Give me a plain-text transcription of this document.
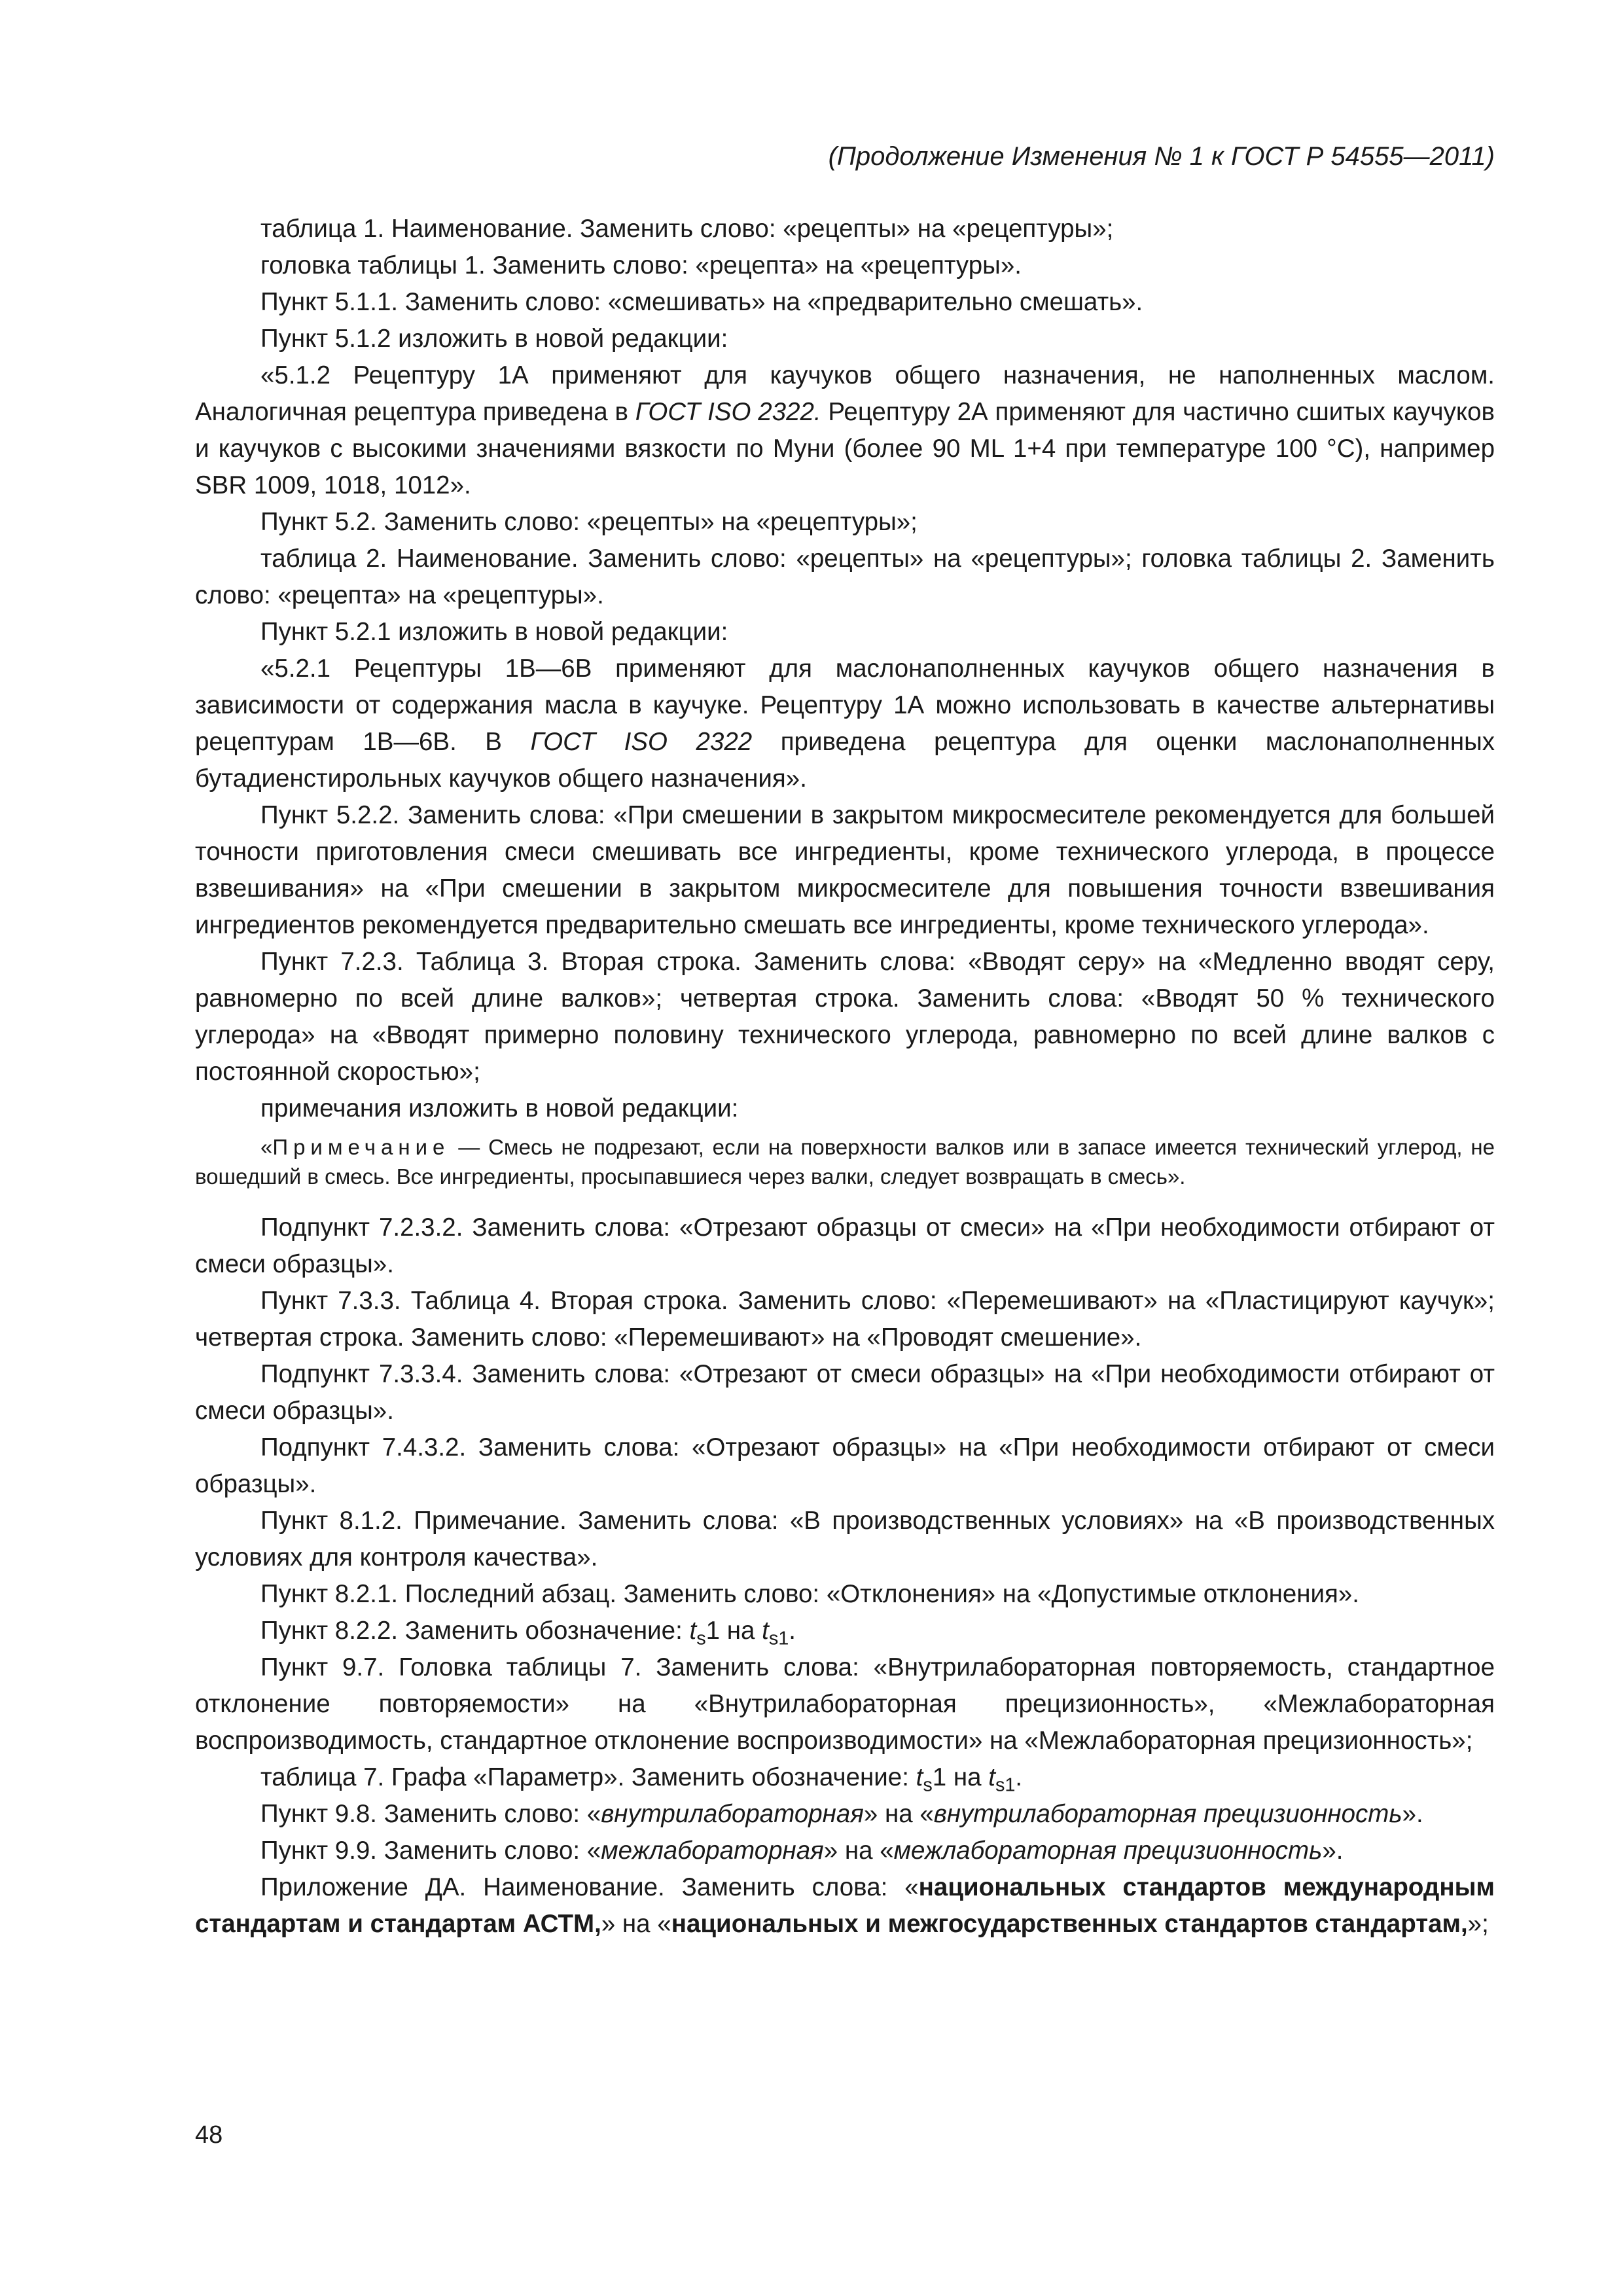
(Продолжение Изменения № 1 к ГОСТ Р 54555—2011)

таблица 1. Наименование. Заменить слово: «рецепты» на «рецептуры»;

головка таблицы 1. Заменить слово: «рецепта» на «рецептуры».

Пункт 5.1.1. Заменить слово: «смешивать» на «предварительно смешать».

Пункт 5.1.2 изложить в новой редакции:

«5.1.2 Рецептуру 1А применяют для каучуков общего назначения, не наполненных маслом. Аналогичная рецептура приведена в ГОСТ ISO 2322. Рецептуру 2А применяют для частично сшитых каучуков и каучуков с высокими значениями вязкости по Муни (более 90 ML 1+4 при температуре 100 °С), например SBR 1009, 1018, 1012».

Пункт 5.2. Заменить слово: «рецепты» на «рецептуры»;

таблица 2. Наименование. Заменить слово: «рецепты» на «рецептуры»; головка таблицы 2. Заменить слово: «рецепта» на «рецептуры».

Пункт 5.2.1 изложить в новой редакции:

«5.2.1 Рецептуры 1В—6В применяют для маслонаполненных каучуков общего назначения в зависимости от содержания масла в каучуке. Рецептуру 1А можно использовать в качестве альтернативы рецептурам 1В—6В. В ГОСТ ISO 2322 приведена рецептура для оценки маслонаполненных бутадиенстирольных каучуков общего назначения».

Пункт 5.2.2. Заменить слова: «При смешении в закрытом микросмесителе рекомендуется для большей точности приготовления смеси смешивать все ингредиенты, кроме технического углерода, в процессе взвешивания» на «При смешении в закрытом микросмесителе для повышения точности взвешивания ингредиентов рекомендуется предварительно смешать все ингредиенты, кроме технического углерода».

Пункт 7.2.3. Таблица 3. Вторая строка. Заменить слова: «Вводят серу» на «Медленно вводят серу, равномерно по всей длине валков»; четвертая строка. Заменить слова: «Вводят 50 % технического углерода» на «Вводят примерно половину технического углерода, равномерно по всей длине валков с постоянной скоростью»;

примечания изложить в новой редакции:

«Примечание — Смесь не подрезают, если на поверхности валков или в запасе имеется технический углерод, не вошедший в смесь. Все ингредиенты, просыпавшиеся через валки, следует возвращать в смесь».

Подпункт 7.2.3.2. Заменить слова: «Отрезают образцы от смеси» на «При необходимости отбирают от смеси образцы».

Пункт 7.3.3. Таблица 4. Вторая строка. Заменить слово: «Перемешивают» на «Пластицируют каучук»; четвертая строка. Заменить слово: «Перемешивают» на «Проводят смешение».

Подпункт 7.3.3.4. Заменить слова: «Отрезают от смеси образцы» на «При необходимости отбирают от смеси образцы».

Подпункт 7.4.3.2. Заменить слова: «Отрезают образцы» на «При необходимости отбирают от смеси образцы».

Пункт 8.1.2. Примечание. Заменить слова: «В производственных условиях» на «В производственных условиях для контроля качества».

Пункт 8.2.1. Последний абзац. Заменить слово: «Отклонения» на «Допустимые отклонения».

Пункт 8.2.2. Заменить обозначение: $t_s1$ на $t_{s1}$.

Пункт 9.7. Головка таблицы 7. Заменить слова: «Внутрилабораторная повторяемость, стандартное отклонение повторяемости» на «Внутрилабораторная прецизионность», «Межлабораторная воспроизводимость, стандартное отклонение воспроизводимости» на «Межлабораторная прецизионность»;

таблица 7. Графа «Параметр». Заменить обозначение: $t_s1$ на $t_{s1}$.

Пункт 9.8. Заменить слово: «внутрилабораторная» на «внутрилабораторная прецизионность».

Пункт 9.9. Заменить слово: «межлабораторная» на «межлабораторная прецизионность».

Приложение ДА. Наименование. Заменить слова: «национальных стандартов международным стандартам и стандартам АСТМ,» на «национальных и межгосударственных стандартов стандартам,»;

48
